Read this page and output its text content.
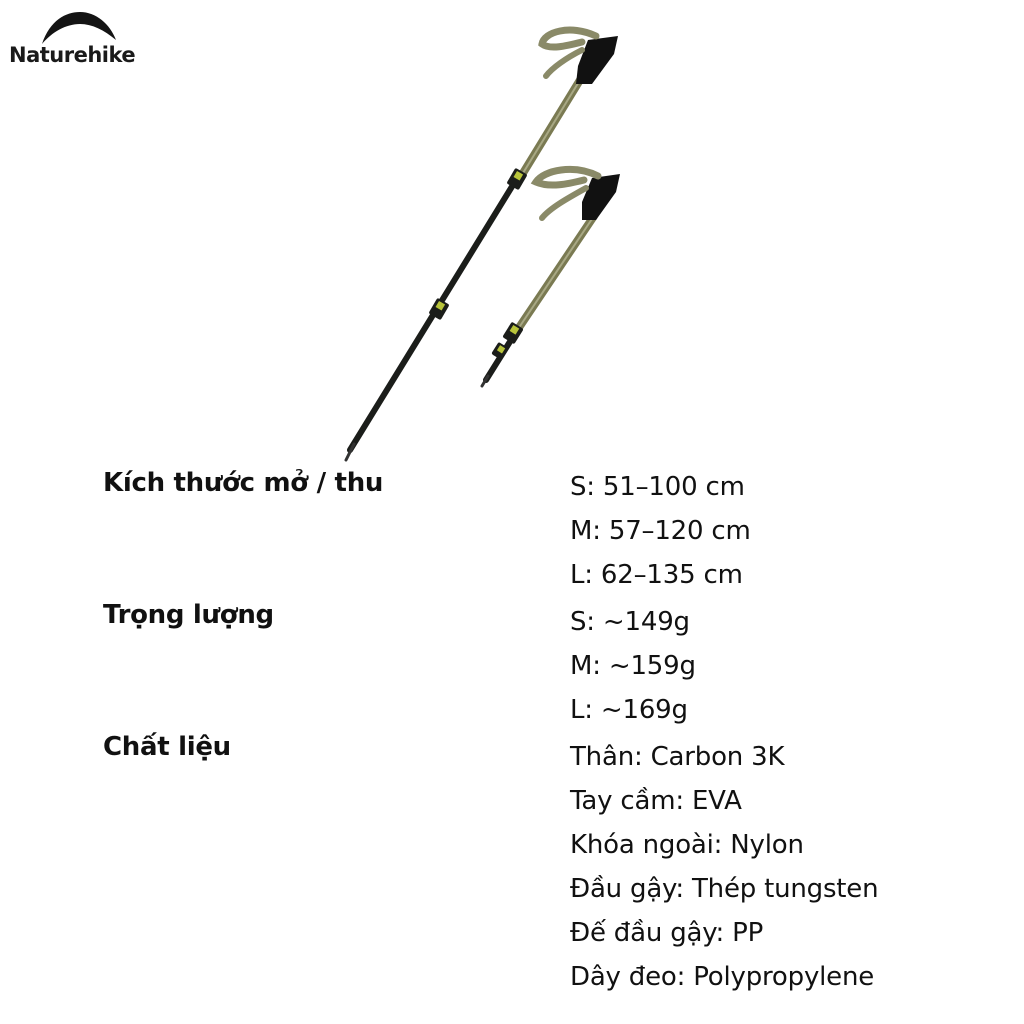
Naturehike
Kích thước mở / thu	S: 51–100 cm
M: 57–120 cm
L: 62–135 cm
Trọng lượng	S: ~149g
M: ~159g
L: ~169g
Chất liệu	Thân: Carbon 3K
Tay cầm: EVA
Khóa ngoài: Nylon
Đầu gậy: Thép tungsten
Đế đầu gậy: PP
Dây đeo: Polypropylene
